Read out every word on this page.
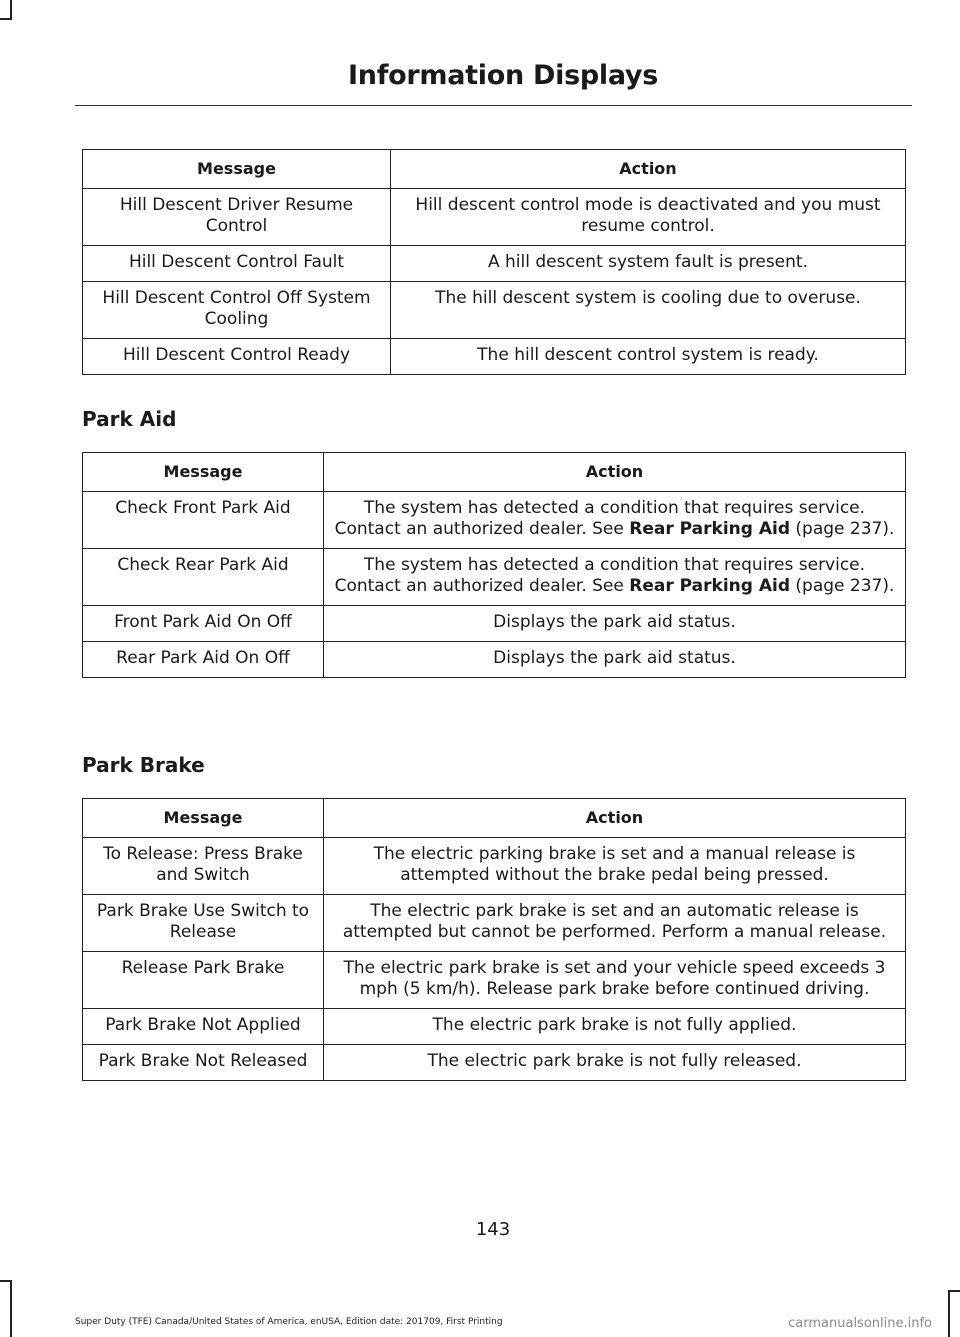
Information Displays
Message	Action
Hill Descent Driver Resume Control	Hill descent control mode is deactivated and you must resume control.
Hill Descent Control Fault	A hill descent system fault is present.
Hill Descent Control Off System Cooling	The hill descent system is cooling due to overuse.
Hill Descent Control Ready	The hill descent control system is ready.
Park Aid
Message	Action
Check Front Park Aid	The system has detected a condition that requires service. Contact an authorized dealer. See Rear Parking Aid (page 237).
Check Rear Park Aid	The system has detected a condition that requires service. Contact an authorized dealer. See Rear Parking Aid (page 237).
Front Park Aid On Off	Displays the park aid status.
Rear Park Aid On Off	Displays the park aid status.
Park Brake
Message	Action
To Release: Press Brake and Switch	The electric parking brake is set and a manual release is attempted without the brake pedal being pressed.
Park Brake Use Switch to Release	The electric park brake is set and an automatic release is attempted but cannot be performed. Perform a manual release.
Release Park Brake	The electric park brake is set and your vehicle speed exceeds 3 mph (5 km/h). Release park brake before continued driving.
Park Brake Not Applied	The electric park brake is not fully applied.
Park Brake Not Released	The electric park brake is not fully released.
143
Super Duty (TFE) Canada/United States of America, enUSA, Edition date: 201709, First Printing	carmanualsonline.info
